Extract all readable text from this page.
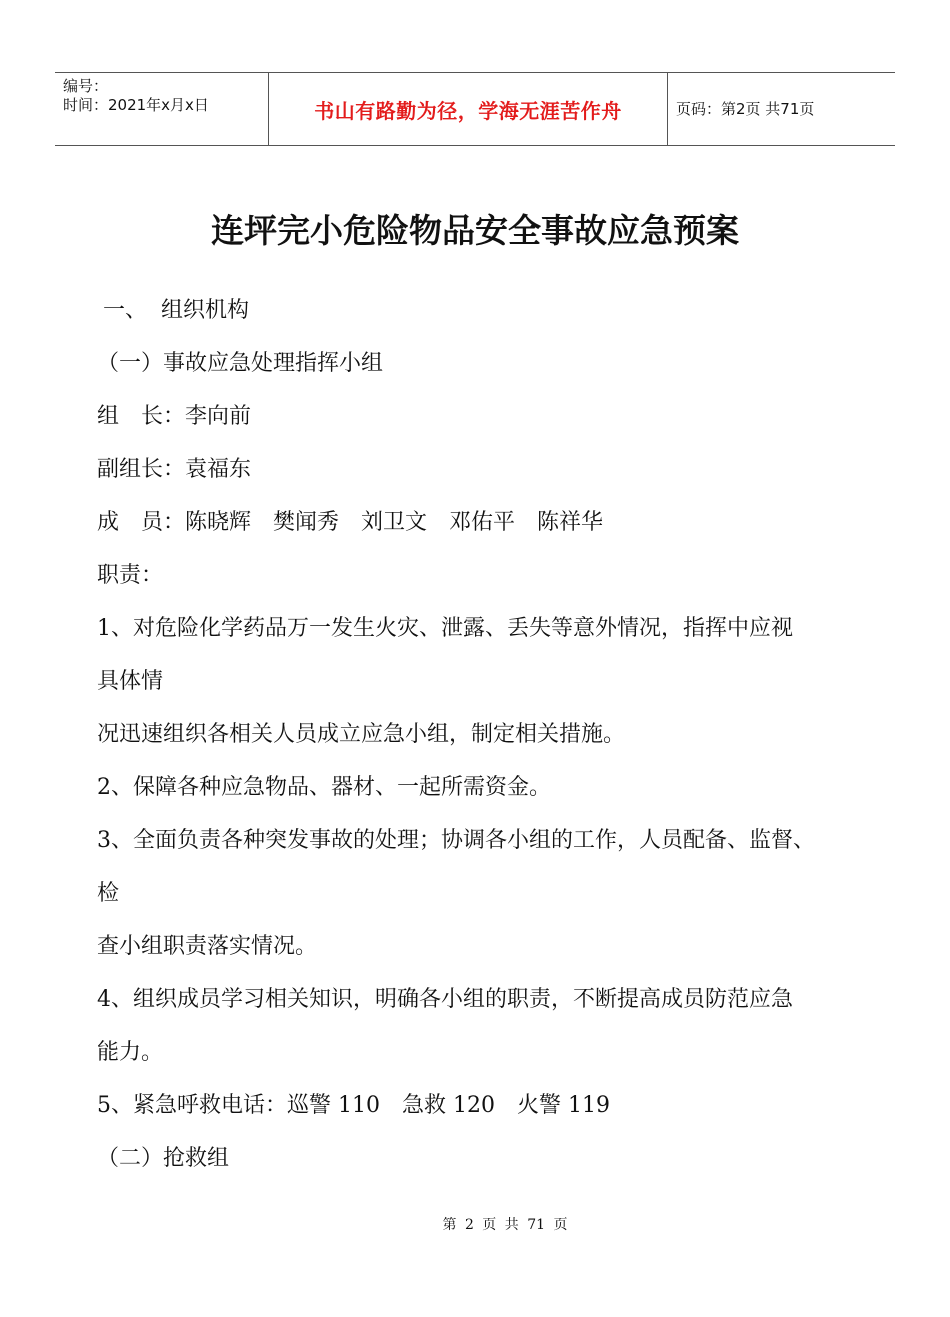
编号：
时间：2021年x月x日	书山有路勤为径，学海无涯苦作舟	页码：第2页 共71页
连坪完小危险物品安全事故应急预案
一、  组织机构
（一）事故应急处理指挥小组
组　长：李向前
副组长：袁福东
成　员：陈晓辉　樊闻秀　刘卫文　邓佑平　陈祥华
职责：
1、对危险化学药品万一发生火灾、泄露、丢失等意外情况，指挥中应视
具体情
况迅速组织各相关人员成立应急小组，制定相关措施。
2、保障各种应急物品、器材、一起所需资金。
3、全面负责各种突发事故的处理；协调各小组的工作，人员配备、监督、
检
查小组职责落实情况。
4、组织成员学习相关知识，明确各小组的职责，不断提高成员防范应急
能力。
5、紧急呼救电话：巡警 110　急救 120　火警 119
（二）抢救组
第 2 页 共 71 页
